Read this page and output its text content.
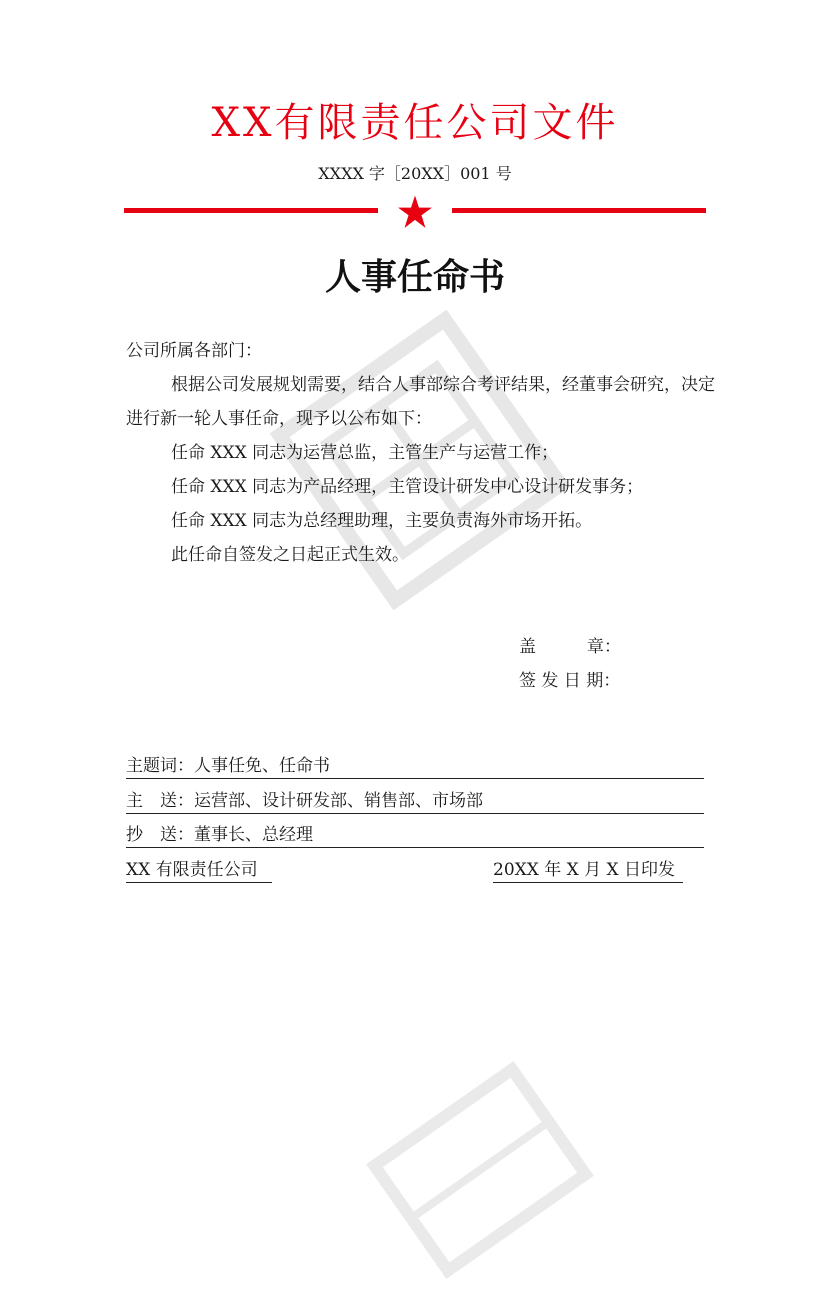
XX有限责任公司文件
XXXX 字［20XX］001 号
人事任命书
公司所属各部门：
根据公司发展规划需要，结合人事部综合考评结果，经董事会研究，决定进行新一轮人事任命，现予以公布如下：
任命 XXX 同志为运营总监，主管生产与运营工作；
任命 XXX 同志为产品经理，主管设计研发中心设计研发事务；
任命 XXX 同志为总经理助理，主要负责海外市场开拓。
此任命自签发之日起正式生效。
盖　　　章：
签 发 日 期：
主题词：人事任免、任命书
主　送：运营部、设计研发部、销售部、市场部
抄　送：董事长、总经理
XX 有限责任公司	20XX 年 X 月 X 日印发
